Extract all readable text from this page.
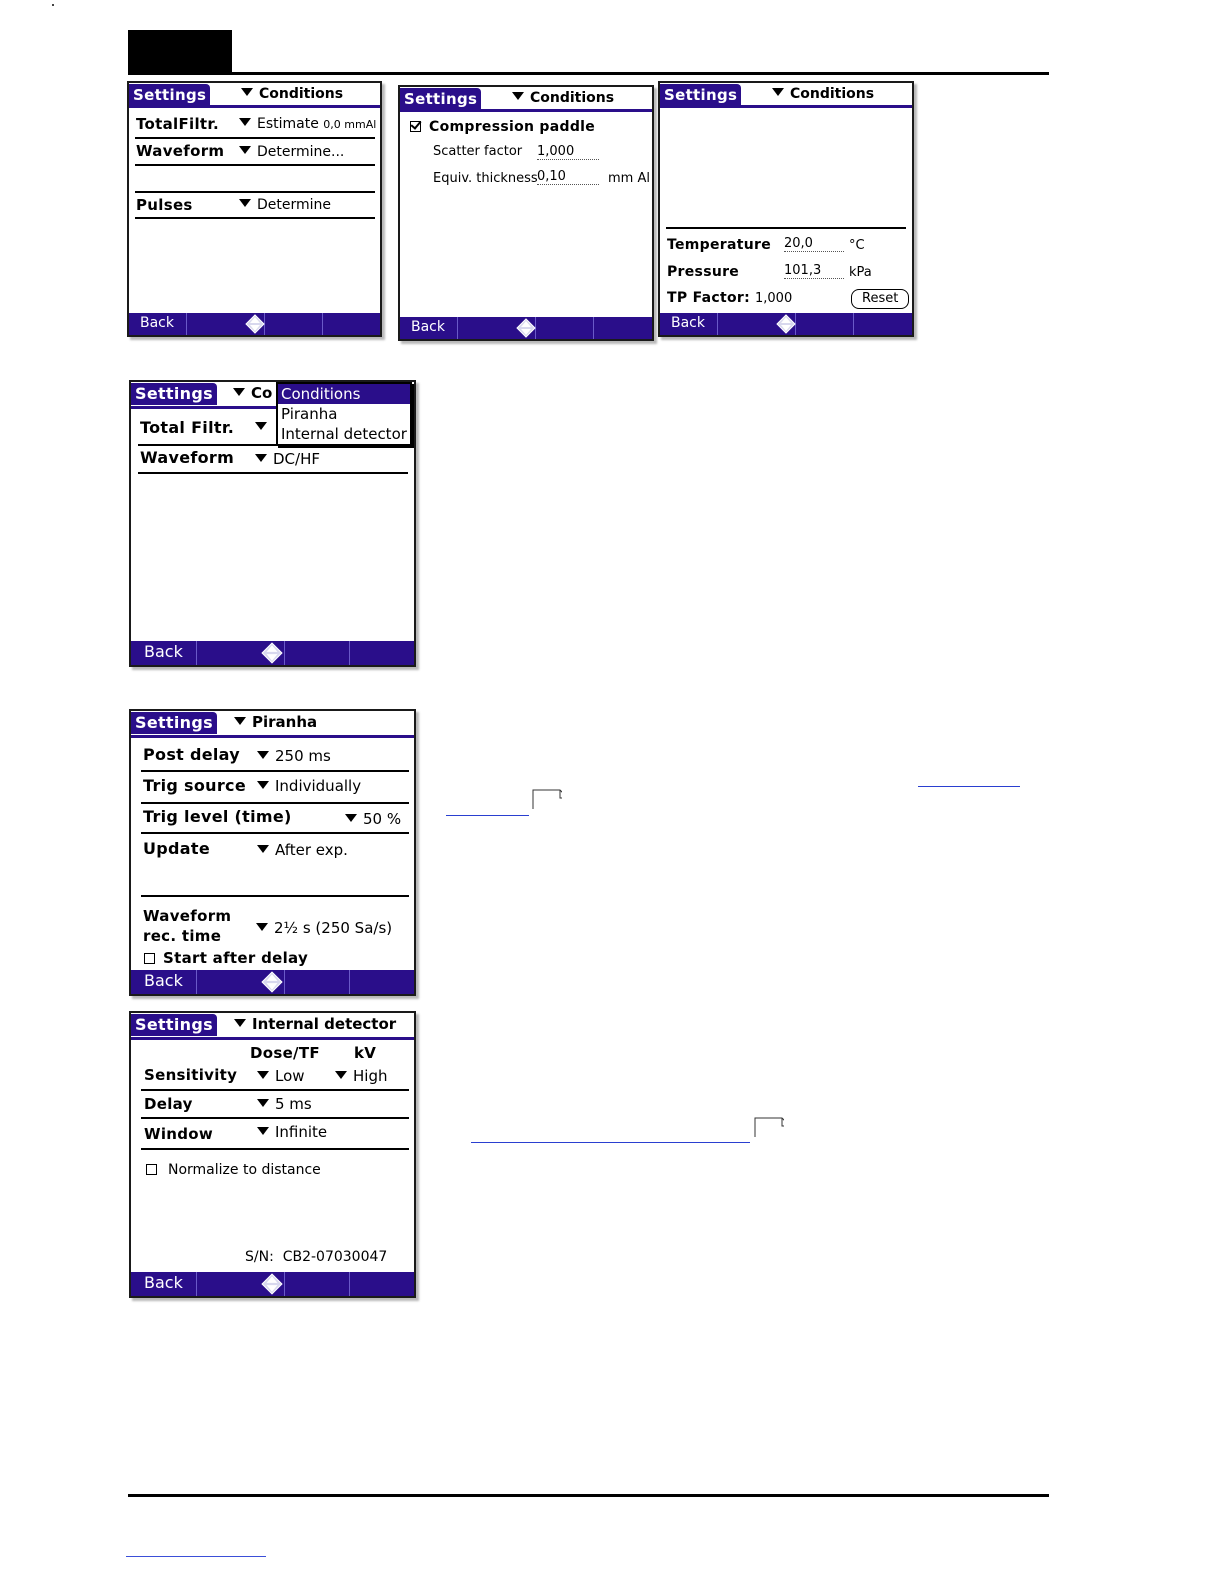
Settings	Conditions
TotalFiltr.	Estimate 0,0 mmAl
Waveform	Determine...
Pulses	Determine
Back
Settings	Conditions
Compression paddle
Scatter factor 1,000
Equiv. thickness 0,10	mm Al
Back
Settings	Conditions
Temperature 20,0	°C
Pressure	101,3	kPa
TP Factor: 1,000	Reset
Back
Settings	Co
Total Filtr.
Waveform	DC/HF
Conditions
Piranha
Internal detector
Back
Settings	Piranha
Post delay	250 ms
Trig source	Individually
Trig level (time)	50 %
Update	After exp.
Waveform
rec. time	2½ s (250 Sa/s)
Start after delay
Back
Settings	Internal detector
Dose/TF kV
Sensitivity	Low	High
Delay	5 ms
Window	Infinite
Normalize to distance
S/N: CB2-07030047
Back
